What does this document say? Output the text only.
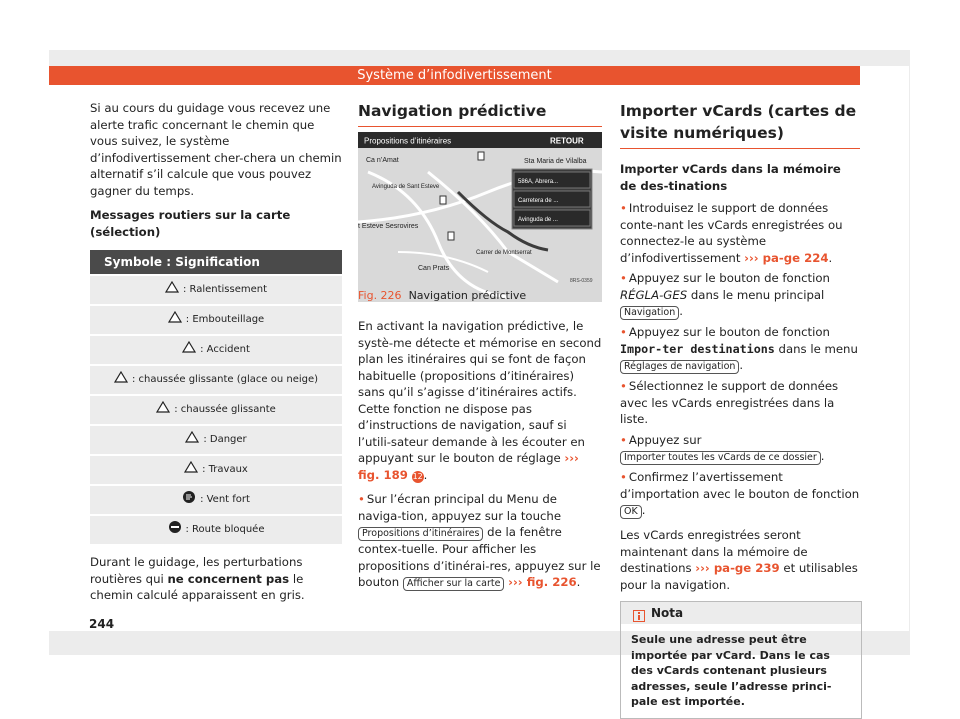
Système d’infodivertissement

Si au cours du guidage vous recevez une alerte trafic concernant le chemin que vous suivez, le système d’infodivertissement cher-chera un chemin alternatif s’il calcule que vous pouvez gagner du temps.

Messages routiers sur la carte (sélection)

Symbole : Signification
: Ralentissement
: Embouteillage
: Accident
: chaussée glissante (glace ou neige)
: chaussée glissante
: Danger
: Travaux
: Vent fort
: Route bloquée

Durant le guidage, les perturbations routières qui ne concernent pas le chemin calculé apparaissent en gris.

Navigation prédictive
Propositions d’itinéraires	RETOUR
Ca n’Amat	Sta Maria de Vilalba
Avinguda de Sant Esteve
t Esteve Sesrovires
Carrer de Montserrat
Can Prats
586A, Abrera...
Carretera de ...
Avinguda de ...
8RS-0359
Fig. 226 Navigation prédictive

En activant la navigation prédictive, le systè-me détecte et mémorise en second plan les itinéraires qui se font de façon habituelle (propositions d’itinéraires) sans qu’il s’agisse d’itinéraires actifs. Cette fonction ne dispose pas d’instructions de navigation, sauf si l’utili-sateur demande à les écouter en appuyant sur le bouton de réglage ››› fig. 189 12.

• Sur l’écran principal du Menu de naviga-tion, appuyez sur la touche Propositions d’itinéraires de la fenêtre contex-tuelle. Pour afficher les propositions d’itinérai-res, appuyez sur le bouton Afficher sur la carte ››› fig. 226.

Importer vCards (cartes de visite numériques)

Importer vCards dans la mémoire de des-tinations

• Introduisez le support de données conte-nant les vCards enregistrées ou connectez-le au système d’infodivertissement ››› pa-ge 224.

• Appuyez sur le bouton de fonction RÉGLA-GES dans le menu principal Navigation .

• Appuyez sur le bouton de fonction Impor-ter destinations dans le menu Réglages de navigation .

• Sélectionnez le support de données avec les vCards enregistrées dans la liste.

• Appuyez sur Importer toutes les vCards de ce dossier .

• Confirmez l’avertissement d’importation avec le bouton de fonction OK .

Les vCards enregistrées seront maintenant dans la mémoire de destinations ››› pa-ge 239 et utilisables pour la navigation.

Nota
Seule une adresse peut être importée par vCard. Dans le cas des vCards contenant plusieurs adresses, seule l’adresse princi-pale est importée.
244
